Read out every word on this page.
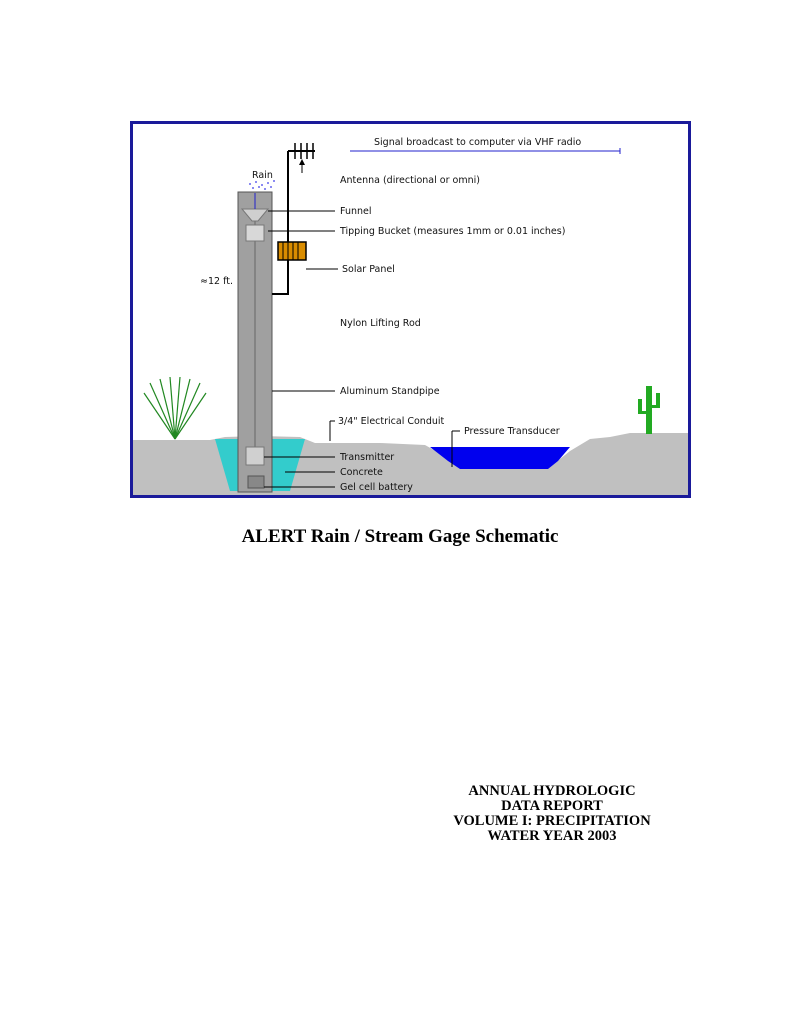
Signal broadcast to computer via VHF radio
Rain	Antenna (directional or omni)
Funnel
Tipping Bucket (measures 1mm or 0.01 inches)
Solar Panel
≈12 ft.
Nylon Lifting Rod
Aluminum Standpipe
3/4" Electrical Conduit
Pressure Transducer
Transmitter
Concrete
Gel cell battery
ALERT Rain / Stream Gage Schematic
ANNUAL HYDROLOGIC
DATA REPORT
VOLUME I: PRECIPITATION
WATER YEAR 2003
